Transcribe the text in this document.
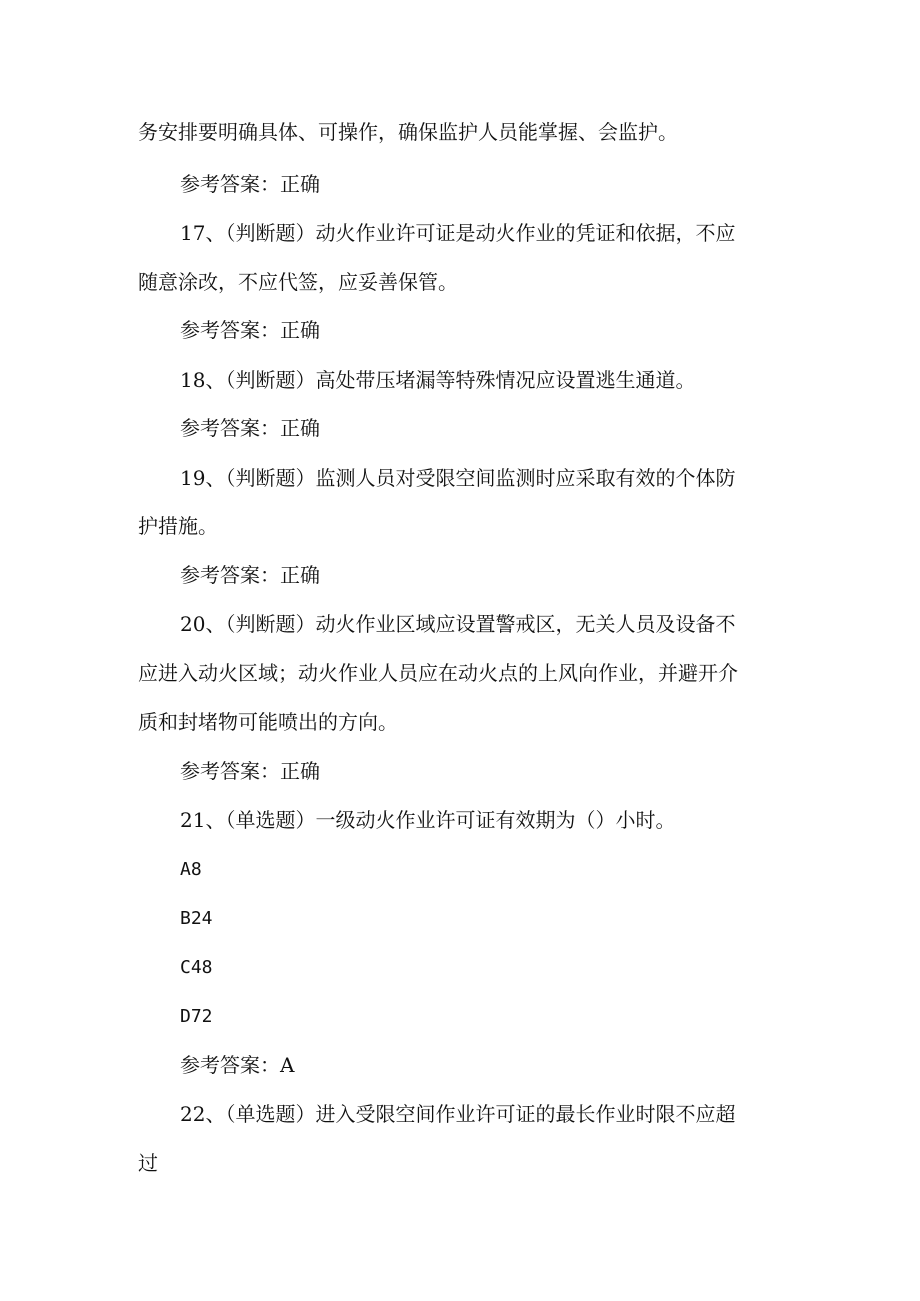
务安排要明确具体、可操作，确保监护人员能掌握、会监护。
参考答案：正确
17、（判断题）动火作业许可证是动火作业的凭证和依据，不应
随意涂改，不应代签，应妥善保管。
参考答案：正确
18、（判断题）高处带压堵漏等特殊情况应设置逃生通道。
参考答案：正确
19、（判断题）监测人员对受限空间监测时应采取有效的个体防
护措施。
参考答案：正确
20、（判断题）动火作业区域应设置警戒区，无关人员及设备不
应进入动火区域；动火作业人员应在动火点的上风向作业，并避开介
质和封堵物可能喷出的方向。
参考答案：正确
21、（单选题）一级动火作业许可证有效期为（）小时。
A8
B24
C48
D72
参考答案：A
22、（单选题）进入受限空间作业许可证的最长作业时限不应超
过
